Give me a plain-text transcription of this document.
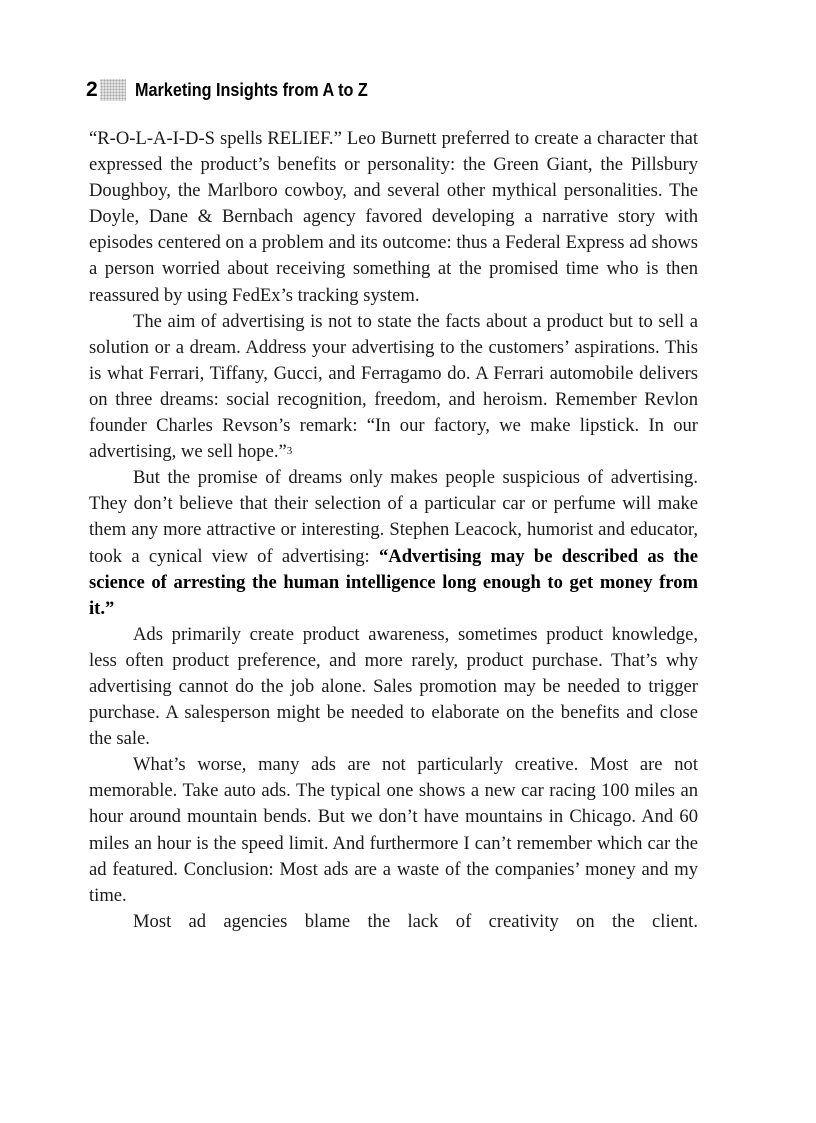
2 Marketing Insights from A to Z

“R-O-L-A-I-D-S spells RELIEF.” Leo Burnett preferred to create a character that expressed the product’s benefits or personality: the Green Giant, the Pillsbury Doughboy, the Marlboro cowboy, and several other mythical personalities. The Doyle, Dane & Bernbach agency favored developing a narrative story with episodes centered on a problem and its outcome: thus a Federal Express ad shows a person worried about receiving something at the promised time who is then reassured by using FedEx’s tracking system.

The aim of advertising is not to state the facts about a product but to sell a solution or a dream. Address your advertising to the customers’ aspirations. This is what Ferrari, Tiffany, Gucci, and Ferragamo do. A Ferrari automobile delivers on three dreams: social recognition, freedom, and heroism. Remember Revlon founder Charles Revson’s remark: “In our factory, we make lipstick. In our advertising, we sell hope.”$^3$

But the promise of dreams only makes people suspicious of advertising. They don’t believe that their selection of a particular car or perfume will make them any more attractive or interesting. Stephen Leacock, humorist and educator, took a cynical view of advertising: “Advertising may be described as the science of arresting the human intelligence long enough to get money from it.”

Ads primarily create product awareness, sometimes product knowledge, less often product preference, and more rarely, product purchase. That’s why advertising cannot do the job alone. Sales promotion may be needed to trigger purchase. A salesperson might be needed to elaborate on the benefits and close the sale.

What’s worse, many ads are not particularly creative. Most are not memorable. Take auto ads. The typical one shows a new car racing 100 miles an hour around mountain bends. But we don’t have mountains in Chicago. And 60 miles an hour is the speed limit. And furthermore I can’t remember which car the ad featured. Conclusion: Most ads are a waste of the companies’ money and my time.

Most ad agencies blame the lack of creativity on the client.
